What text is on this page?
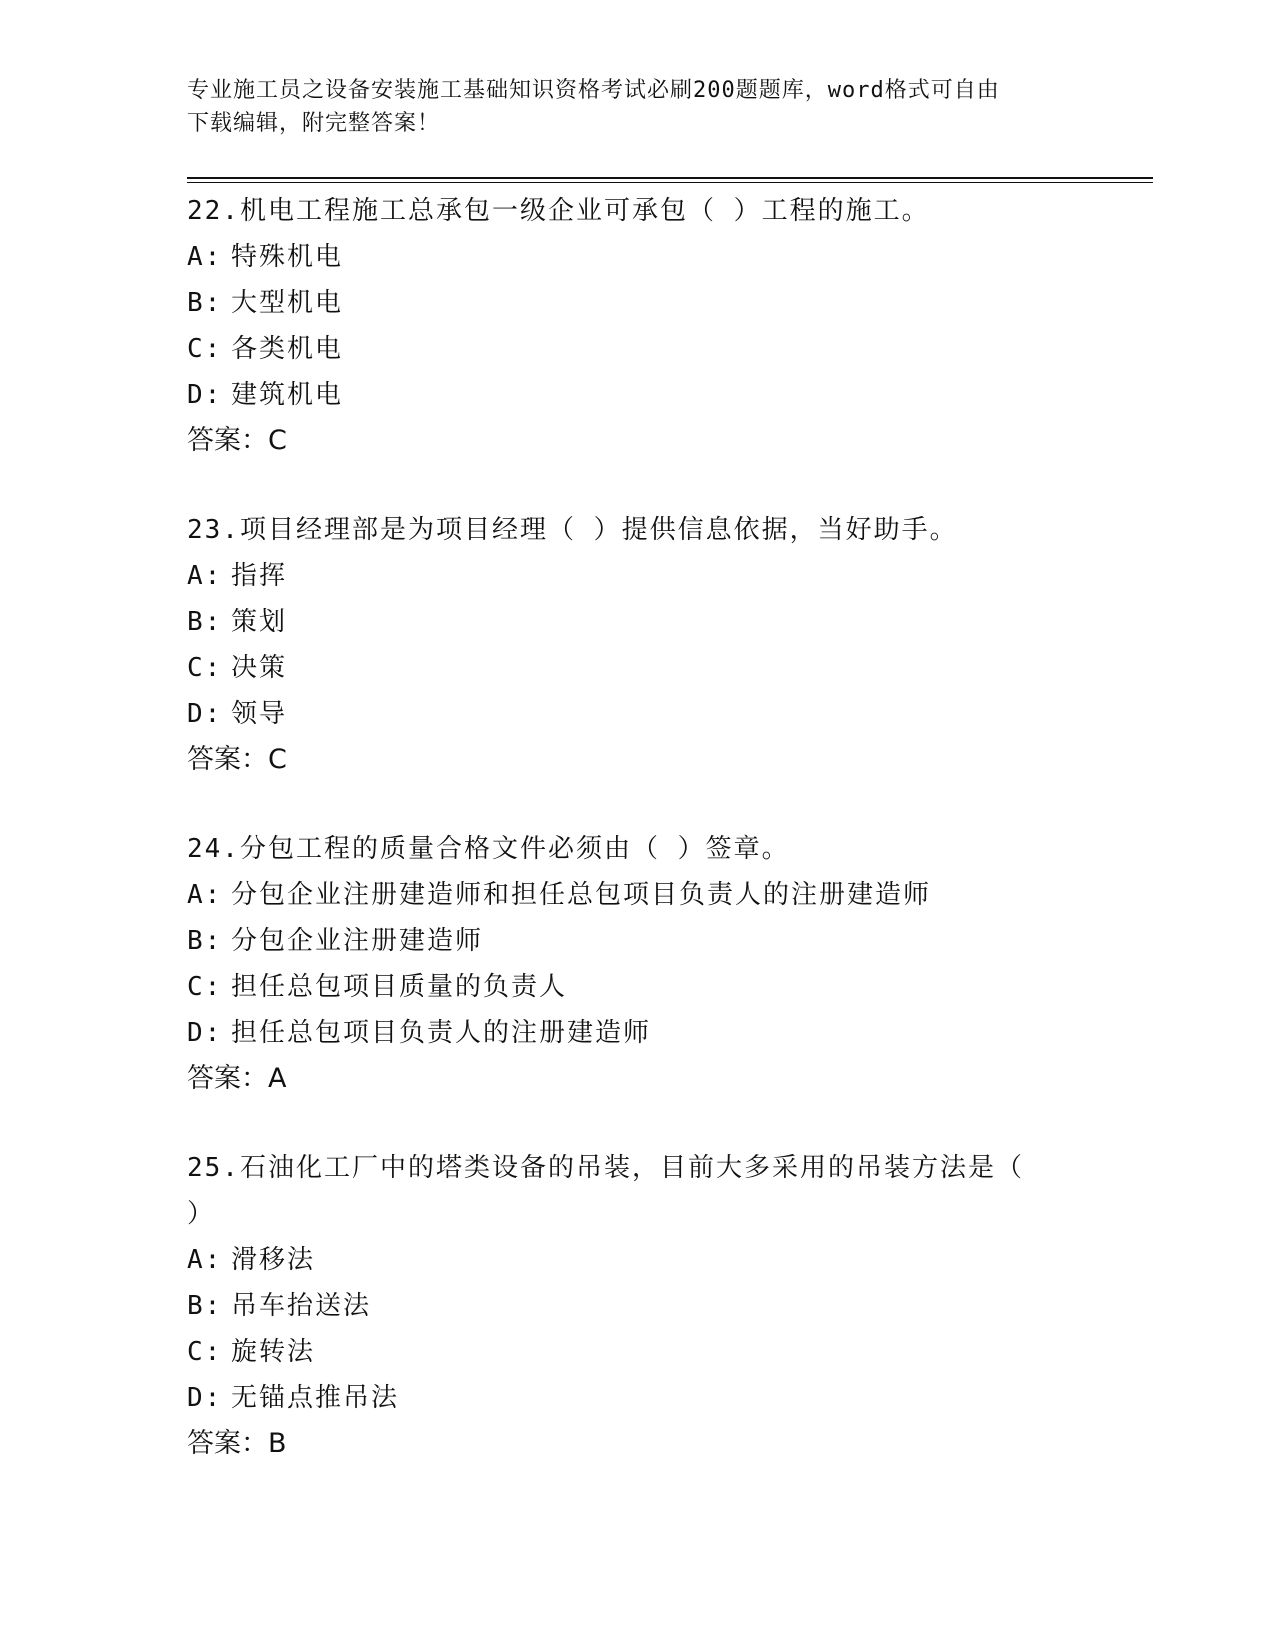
专业施工员之设备安装施工基础知识资格考试必刷200题题库，word格式可自由
下载编辑，附完整答案！
22.机电工程施工总承包一级企业可承包（ ）工程的施工。
A: 特殊机电
B: 大型机电
C: 各类机电
D: 建筑机电
答案：C
23.项目经理部是为项目经理（ ）提供信息依据，当好助手。
A: 指挥
B: 策划
C: 决策
D: 领导
答案：C
24.分包工程的质量合格文件必须由（ ）签章。
A: 分包企业注册建造师和担任总包项目负责人的注册建造师
B: 分包企业注册建造师
C: 担任总包项目质量的负责人
D: 担任总包项目负责人的注册建造师
答案：A
25.石油化工厂中的塔类设备的吊装，目前大多采用的吊装方法是（
）
A: 滑移法
B: 吊车抬送法
C: 旋转法
D: 无锚点推吊法
答案：B
